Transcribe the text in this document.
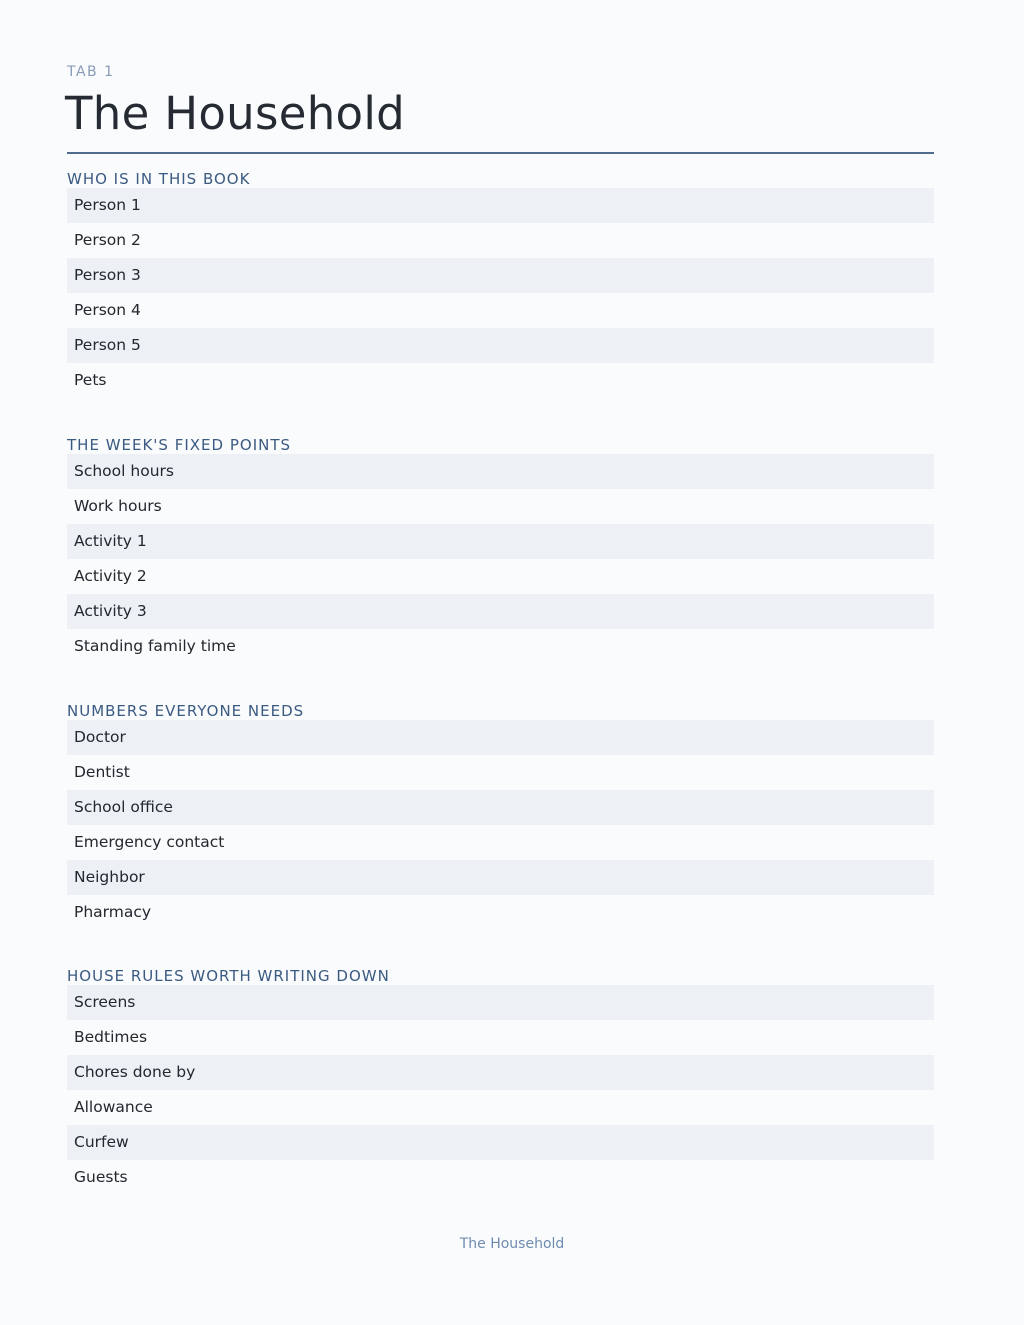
TAB 1
The Household
WHO IS IN THIS BOOK
Person 1
Person 2
Person 3
Person 4
Person 5
Pets
THE WEEK'S FIXED POINTS
School hours
Work hours
Activity 1
Activity 2
Activity 3
Standing family time
NUMBERS EVERYONE NEEDS
Doctor
Dentist
School office
Emergency contact
Neighbor
Pharmacy
HOUSE RULES WORTH WRITING DOWN
Screens
Bedtimes
Chores done by
Allowance
Curfew
Guests
The Household
